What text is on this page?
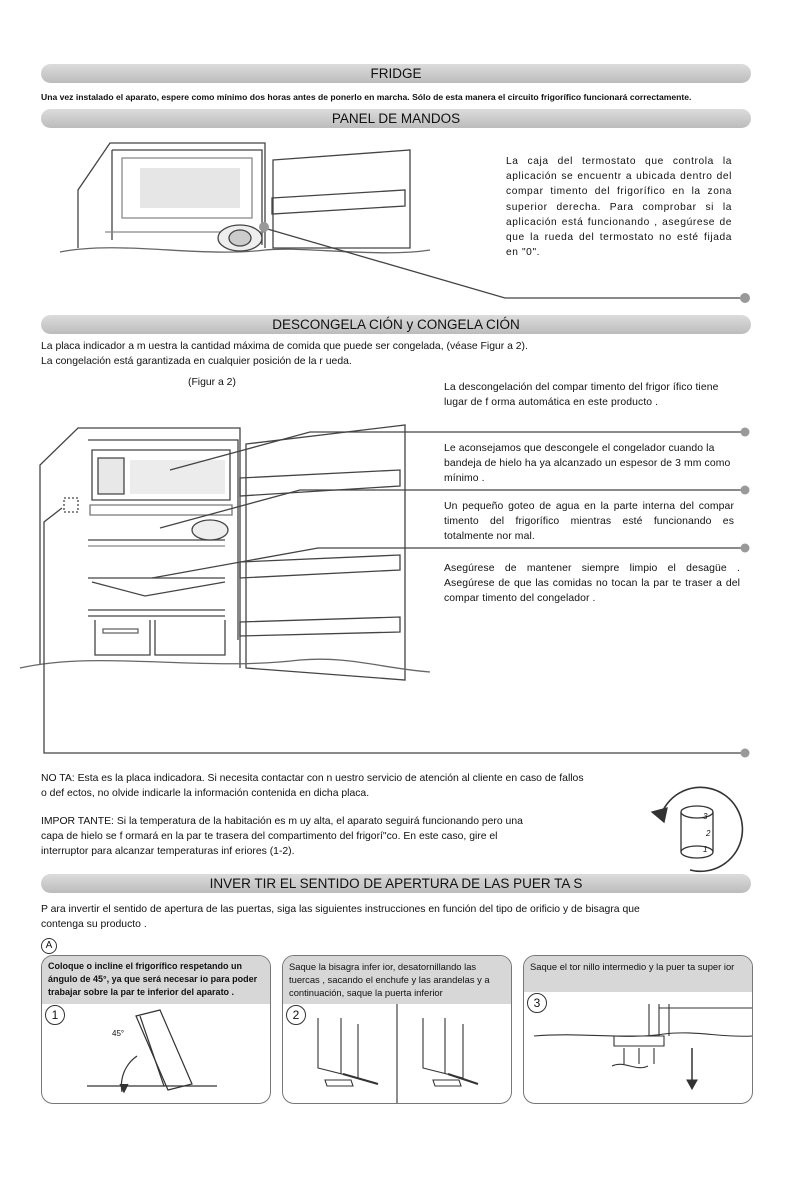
FRIDGE
Una vez instalado el aparato, espere como mínimo dos horas antes de ponerlo en marcha. Sólo de esta manera el circuito frigorífico funcionará correctamente.
PANEL DE MANDOS
La caja del termostato que controla la aplicación se encuentr a ubicada dentro del compar timento del frigorífico en la zona superior derecha. Para comprobar si la aplicación está funcionando , asegúrese de que la rueda del termostato no esté fijada en "0".
DESCONGELA CIÓN y CONGELA CIÓN
La placa indicador a m uestra la cantidad máxima de comida que puede ser congelada, (véase Figur a 2).
La congelación está garantizada en cualquier posición de la r ueda.
(Figur a 2)	La descongelación del compar timento del frigor ífico tiene lugar de f orma automática en este producto .
Le aconsejamos que descongele el congelador cuando la bandeja de hielo ha ya alcanzado un espesor de 3 mm como mínimo .
Un pequeño goteo de agua en la parte interna del compar timento del frigorífico mientras esté funcionando es totalmente nor mal.
Asegúrese de mantener siempre limpio el desagüe . Asegúrese de que las comidas no tocan la par te traser a del compar timento del congelador .
NO TA: Esta es la placa indicadora. Si necesita contactar con n uestro servicio de atención al cliente en caso de fallos
o def ectos, no olvide indicarle la información contenida en dicha placa.
IMPOR TANTE: Si la temperatura de la habitación es m uy alta, el aparato seguirá funcionando pero una
capa de hielo se f ormará en la par te trasera del compartimento del frigorí"co. En este caso, gire el
interruptor para alcanzar temperaturas inf eriores (1-2).
3
2
1
INVER TIR EL SENTIDO DE APERTURA DE LAS PUER TA S
P ara invertir el sentido de apertura de las puertas, siga las siguientes instrucciones en función del tipo de orificio y de bisagra que
contenga su producto .
A
Coloque o incline el frigorífico respetando un ángulo de 45°, ya que será necesar io para poder trabajar sobre la par te inferior del aparato .
45°
1
Saque la bisagra infer ior, desatornillando las tuercas , sacando el enchufe y las arandelas y a continuación, saque la puerta inferior
2
Saque el tor nillo intermedio y la puer ta super ior
3
